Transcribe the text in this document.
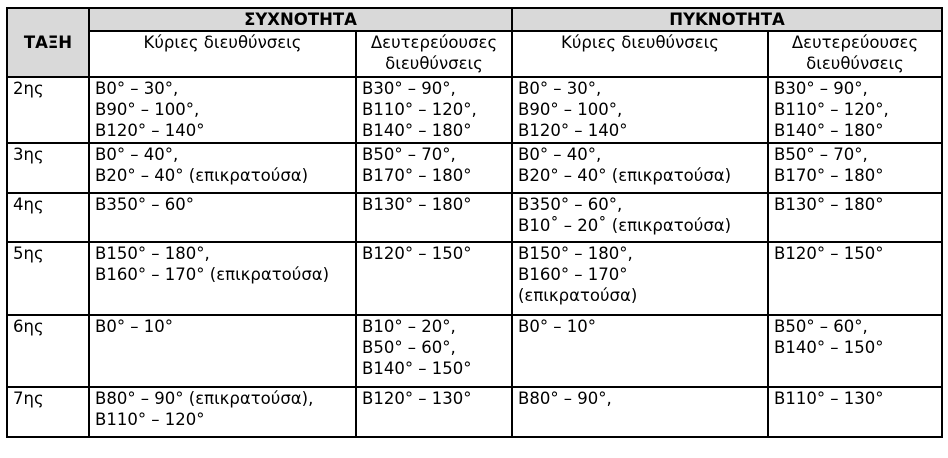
ΤΑΞΗ	ΣΥΧΝΟΤΗΤΑ		ΠΥΚΝΟΤΗΤΑ	
	Κύριες διευθύνσεις	Δευτερεύουσες
διευθύνσεις	Κύριες διευθύνσεις	Δευτερεύουσες
διευθύνσεις

2ης	Β0° – 30°,
Β90° – 100°,
Β120° – 140°	Β30° – 90°,
Β110° – 120°,
Β140° – 180°	Β0° – 30°,
Β90° – 100°,
Β120° – 140°	Β30° – 90°,
Β110° – 120°,
Β140° – 180°

3ης	Β0° – 40°,
Β20° – 40° (επικρατούσα)	Β50° – 70°,
Β170° – 180°	Β0° – 40°,
Β20° – 40° (επικρατούσα)	Β50° – 70°,
Β170° – 180°

4ης	Β350° – 60°	Β130° – 180°	Β350° – 60°,
Β10˚ – 20˚ (επικρατούσα)	Β130° – 180°

5ης	Β150° – 180°,
Β160° – 170° (επικρατούσα)	Β120° – 150°	Β150° – 180°,
Β160° – 170°
(επικρατούσα)	Β120° – 150°

6ης	Β0° – 10°	Β10° – 20°,
Β50° – 60°,
Β140° – 150°	Β0° – 10°	Β50° – 60°,
Β140° – 150°

7ης	Β80° – 90° (επικρατούσα),
Β110° – 120°	Β120° – 130°	Β80° – 90°,	Β110° – 130°
